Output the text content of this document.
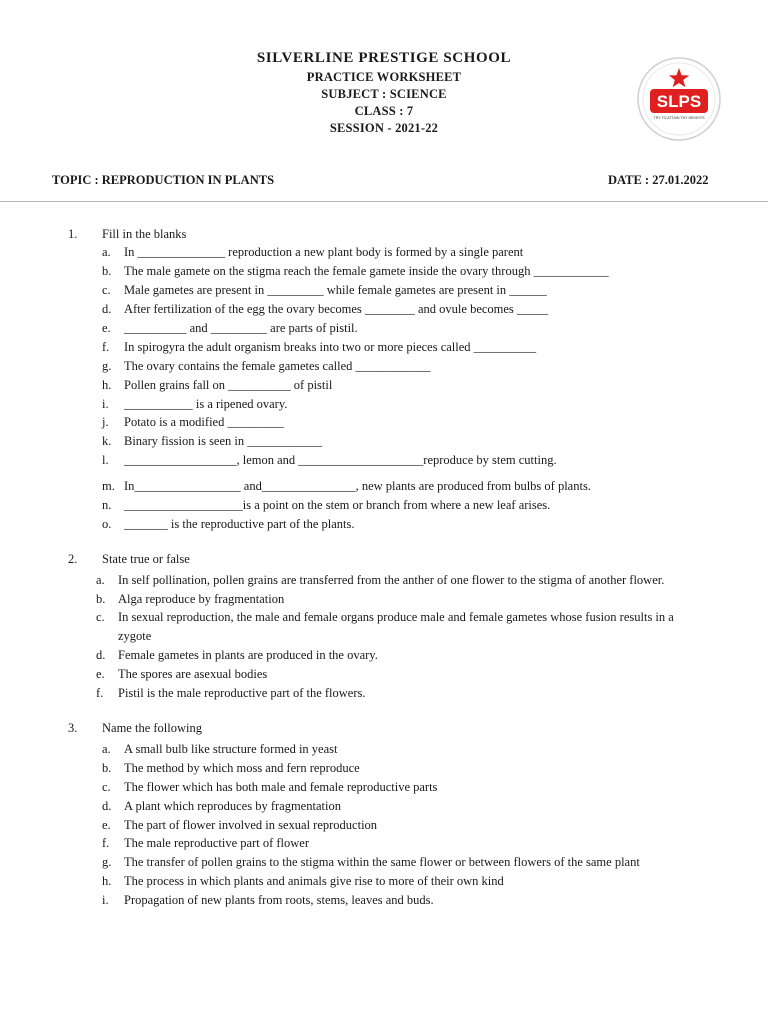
SILVERLINE PRESTIGE SCHOOL
PRACTICE WORKSHEET
SUBJECT : SCIENCE
CLASS : 7
SESSION - 2021-22
SLPS
TRY TO ATTAIN THY HEIGHTS
TOPIC : REPRODUCTION IN PLANTS	DATE : 27.01.2022
1. Fill in the blanks
a. In ______________ reproduction a new plant body is formed by a single parent
b. The male gamete on the stigma reach the female gamete inside the ovary through ____________
c. Male gametes are present in _________ while female gametes are present in ______
d. After fertilization of the egg the ovary becomes ________ and ovule becomes _____
e. __________ and _________ are parts of pistil.
f. In spirogyra the adult organism breaks into two or more pieces called __________
g. The ovary contains the female gametes called ____________
h. Pollen grains fall on __________ of pistil
i. ___________ is a ripened ovary.
j. Potato is a modified _________
k. Binary fission is seen in ____________
l. __________________, lemon and ____________________reproduce by stem cutting.
m. In_________________ and_______________, new plants are produced from bulbs of plants.
n. ___________________is a point on the stem or branch from where a new leaf arises.
o. _______ is the reproductive part of the plants.
2. State true or false
a. In self pollination, pollen grains are transferred from the anther of one flower to the stigma of another flower.
b. Alga reproduce by fragmentation
c. In sexual reproduction, the male and female organs produce male and female gametes whose fusion results in a
zygote
d. Female gametes in plants are produced in the ovary.
e. The spores are asexual bodies
f. Pistil is the male reproductive part of the flowers.
3. Name the following
a. A small bulb like structure formed in yeast
b. The method by which moss and fern reproduce
c. The flower which has both male and female reproductive parts
d. A plant which reproduces by fragmentation
e. The part of flower involved in sexual reproduction
f. The male reproductive part of flower
g. The transfer of pollen grains to the stigma within the same flower or between flowers of the same plant
h. The process in which plants and animals give rise to more of their own kind
i. Propagation of new plants from roots, stems, leaves and buds.
